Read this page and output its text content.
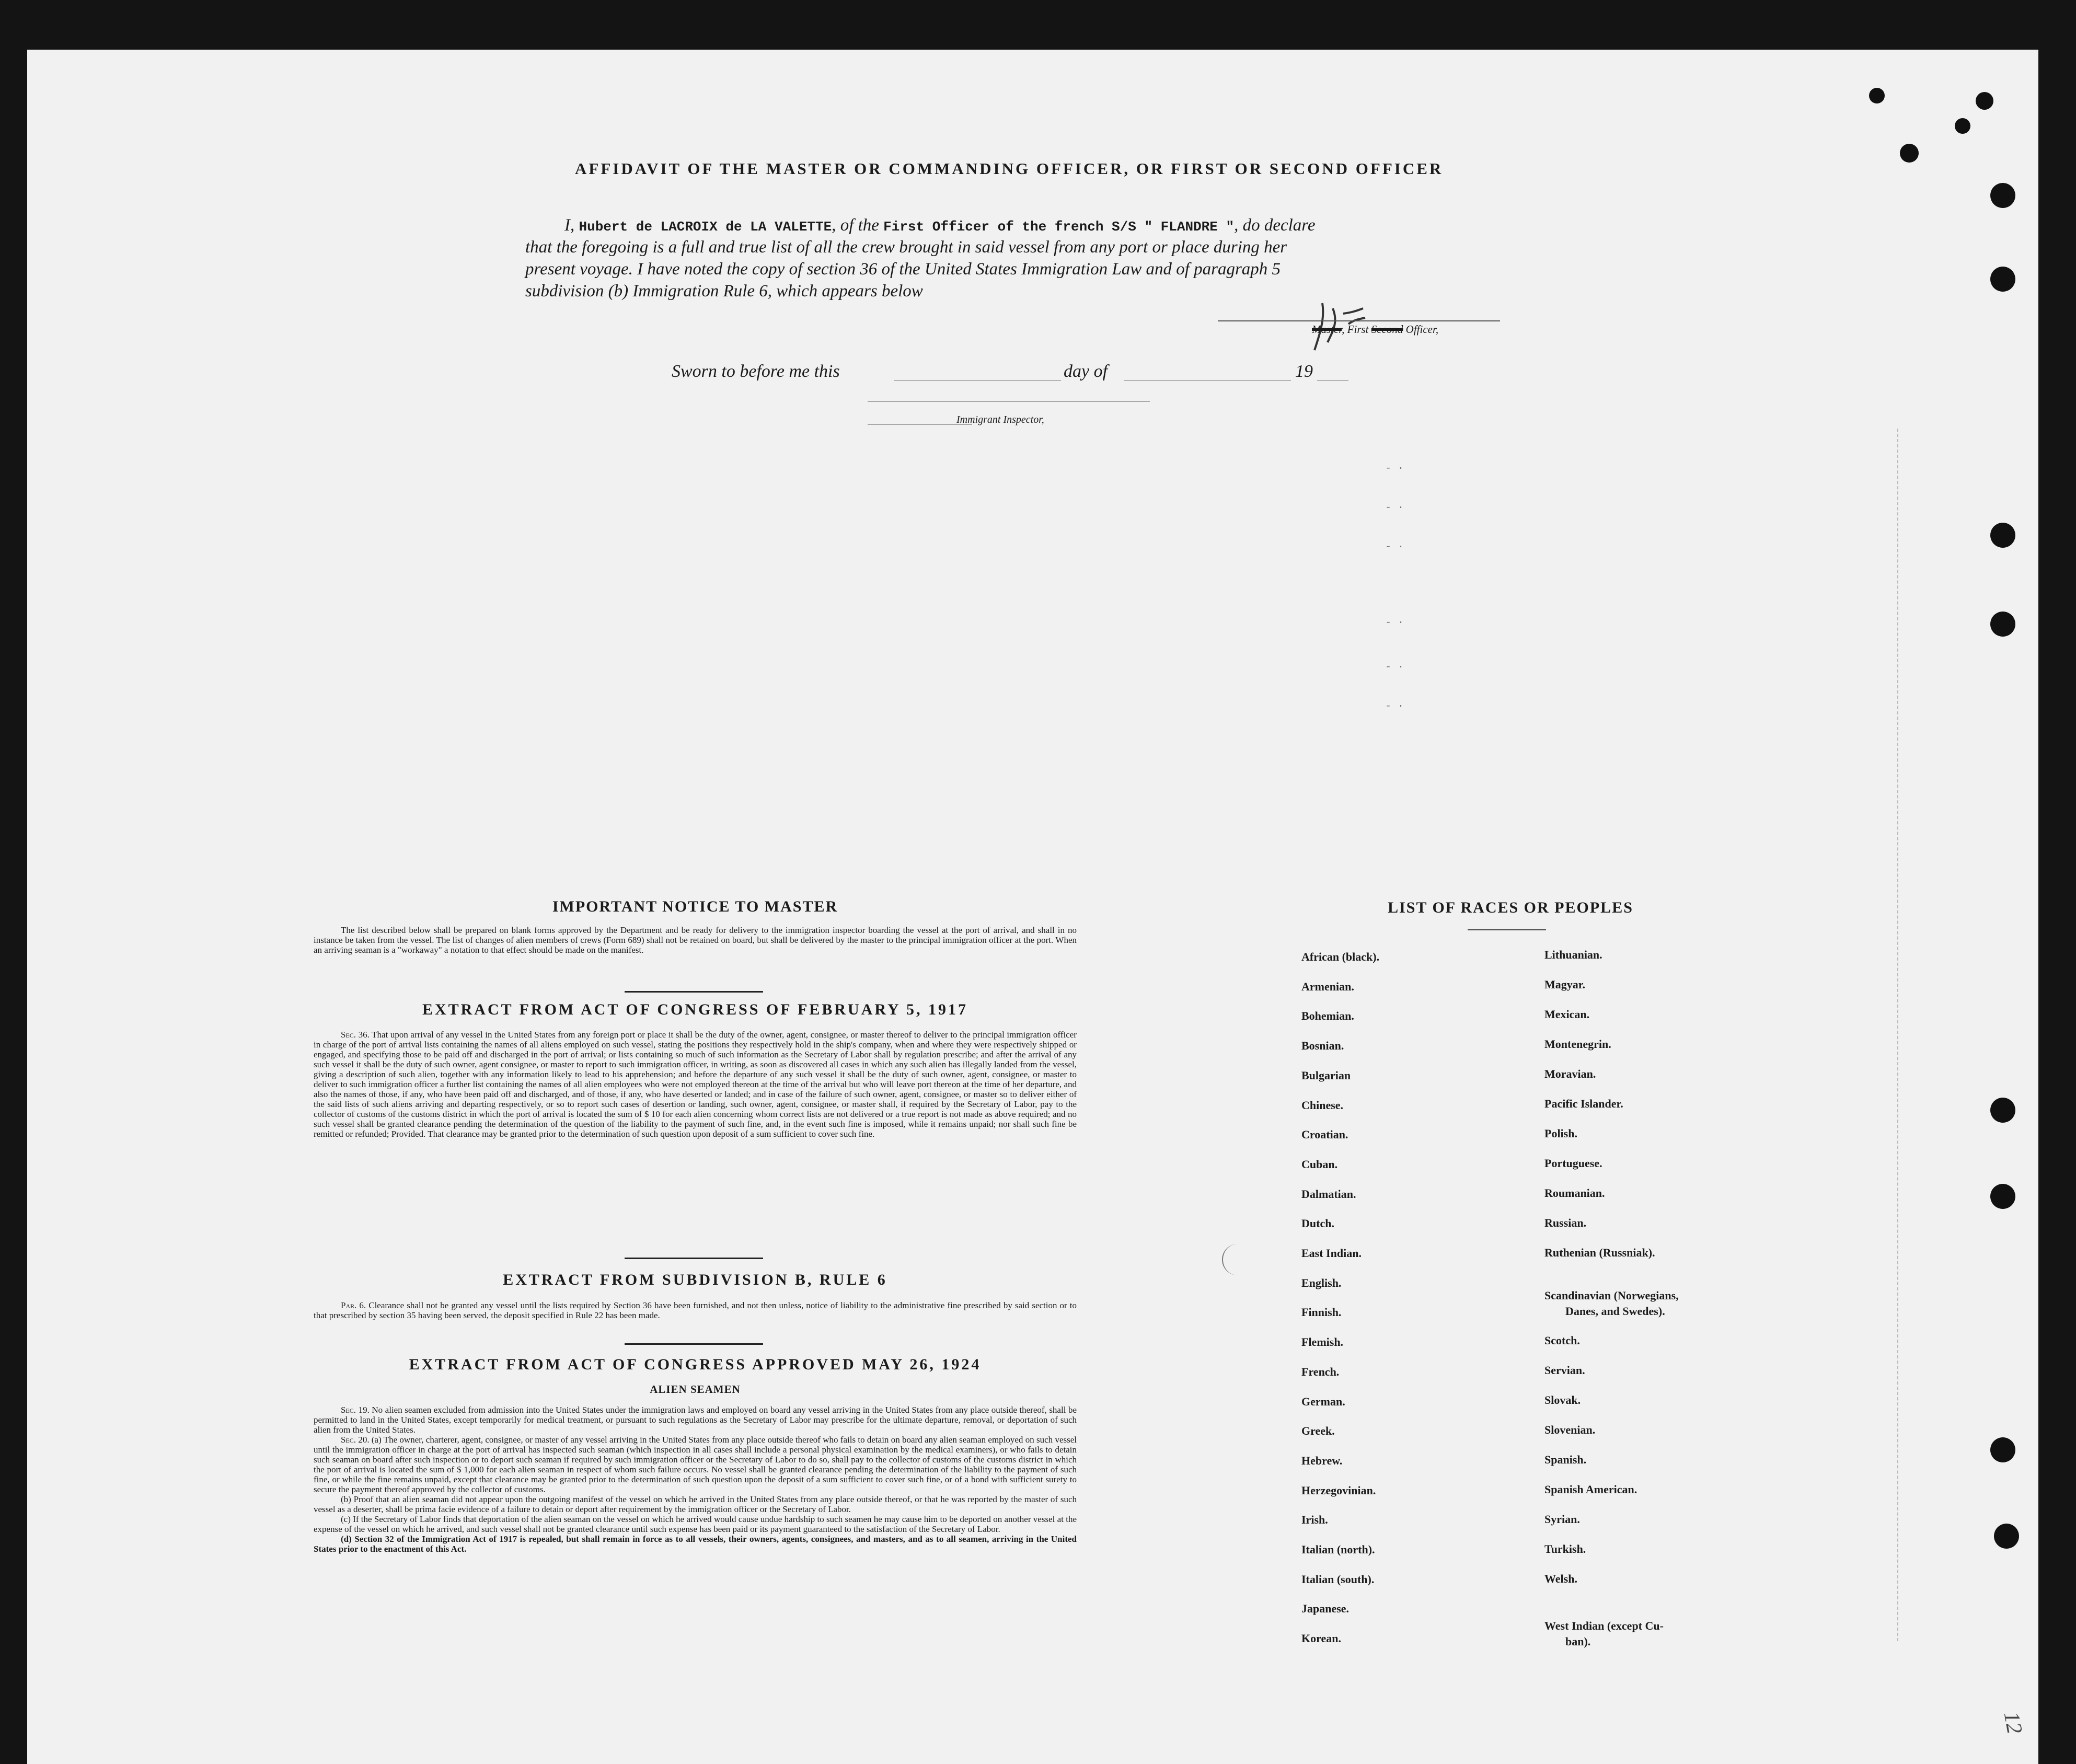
AFFIDAVIT OF THE MASTER OR COMMANDING OFFICER, OR FIRST OR SECOND OFFICER
I, Hubert de LACROIX de LA VALETTE, of the First Officer of the french S/S " FLANDRE ", do declare
that the foregoing is a full and true list of all the crew brought in said vessel from any port or place during her
present voyage. I have noted the copy of section 36 of the United States Immigration Law and of paragraph 5
subdivision (b) Immigration Rule 6, which appears below
Master, First Second Officer,
Sworn to before me this	day of	19
Immigrant Inspector,
- ·
- ·
- ·
- ·
- ·
- ·
IMPORTANT NOTICE TO MASTER

The list described below shall be prepared on blank forms approved by the Department and be ready for delivery to the immigration inspector boarding the vessel at the port of arrival, and shall in no instance be taken from the vessel. The list of changes of alien members of crews (Form 689) shall not be retained on board, but shall be delivered by the master to the principal immigration officer at the port. When an arriving seaman is a "workaway" a notation to that effect should be made on the manifest.

EXTRACT FROM ACT OF CONGRESS OF FEBRUARY 5, 1917

Sec. 36. That upon arrival of any vessel in the United States from any foreign port or place it shall be the duty of the owner, agent, consignee, or master thereof to deliver to the principal immigration officer in charge of the port of arrival lists containing the names of all aliens employed on such vessel, stating the positions they respectively hold in the ship's company, when and where they were respectively shipped or engaged, and specifying those to be paid off and discharged in the port of arrival; or lists containing so much of such information as the Secretary of Labor shall by regulation prescribe; and after the arrival of any such vessel it shall be the duty of such owner, agent consignee, or master to report to such immigration officer, in writing, as soon as discovered all cases in which any such alien has illegally landed from the vessel, giving a description of such alien, together with any information likely to lead to his apprehension; and before the departure of any such vessel it shall be the duty of such owner, agent, consignee, or master to deliver to such immigration officer a further list containing the names of all alien employees who were not employed thereon at the time of the arrival but who will leave port thereon at the time of her departure, and also the names of those, if any, who have been paid off and discharged, and of those, if any, who have deserted or landed; and in case of the failure of such owner, agent, consignee, or master so to deliver either of the said lists of such aliens arriving and departing respectively, or so to report such cases of desertion or landing, such owner, agent, consignee, or master shall, if required by the Secretary of Labor, pay to the collector of customs of the customs district in which the port of arrival is located the sum of $ 10 for each alien concerning whom correct lists are not delivered or a true report is not made as above required; and no such vessel shall be granted clearance pending the determination of the question of the liability to the payment of such fine, and, in the event such fine is imposed, while it remains unpaid; nor shall such fine be remitted or refunded; Provided. That clearance may be granted prior to the determination of such question upon deposit of a sum sufficient to cover such fine.

EXTRACT FROM SUBDIVISION B, RULE 6

Par. 6. Clearance shall not be granted any vessel until the lists required by Section 36 have been furnished, and not then unless, notice of liability to the administrative fine prescribed by said section or to that prescribed by section 35 having been served, the deposit specified in Rule 22 has been made.

EXTRACT FROM ACT OF CONGRESS APPROVED MAY 26, 1924
ALIEN SEAMEN

Sec. 19. No alien seamen excluded from admission into the United States under the immigration laws and employed on board any vessel arriving in the United States from any place outside thereof, shall be permitted to land in the United States, except temporarily for medical treatment, or pursuant to such regulations as the Secretary of Labor may prescribe for the ultimate departure, removal, or deportation of such alien from the United States.

Sec. 20. (a) The owner, charterer, agent, consignee, or master of any vessel arriving in the United States from any place outside thereof who fails to detain on board any alien seaman employed on such vessel until the immigration officer in charge at the port of arrival has inspected such seaman (which inspection in all cases shall include a personal physical examination by the medical examiners), or who fails to detain such seaman on board after such inspection or to deport such seaman if required by such immigration officer or the Secretary of Labor to do so, shall pay to the collector of customs of the customs district in which the port of arrival is located the sum of $ 1,000 for each alien seaman in respect of whom such failure occurs. No vessel shall be granted clearance pending the determination of the liability to the payment of such fine, or while the fine remains unpaid, except that clearance may be granted prior to the determination of such question upon the deposit of a sum sufficient to cover such fine, or of a bond with sufficient surety to secure the payment thereof approved by the collector of customs.

(b) Proof that an alien seaman did not appear upon the outgoing manifest of the vessel on which he arrived in the United States from any place outside thereof, or that he was reported by the master of such vessel as a deserter, shall be prima facie evidence of a failure to detain or deport after requirement by the immigration officer or the Secretary of Labor.

(c) If the Secretary of Labor finds that deportation of the alien seaman on the vessel on which he arrived would cause undue hardship to such seamen he may cause him to be deported on another vessel at the expense of the vessel on which he arrived, and such vessel shall not be granted clearance until such expense has been paid or its payment guaranteed to the satisfaction of the Secretary of Labor.

(d) Section 32 of the Immigration Act of 1917 is repealed, but shall remain in force as to all vessels, their owners, agents, consignees, and masters, and as to all seamen, arriving in the United States prior to the enactment of this Act.

LIST OF RACES OR PEOPLES
African (black).
Armenian.
Bohemian.
Bosnian.
Bulgarian
Chinese.
Croatian.
Cuban.
Dalmatian.
Dutch.
East Indian.
English.
Finnish.
Flemish.
French.
German.
Greek.
Hebrew.
Herzegovinian.
Irish.
Italian (north).
Italian (south).
Japanese.
Korean.
Lithuanian.
Magyar.
Mexican.
Montenegrin.
Moravian.
Pacific Islander.
Polish.
Portuguese.
Roumanian.
Russian.
Ruthenian (Russniak).
Scandinavian (Norwegians,
Danes, and Swedes).
Scotch.
Servian.
Slovak.
Slovenian.
Spanish.
Spanish American.
Syrian.
Turkish.
Welsh.
West Indian (except Cu-
ban).
12
